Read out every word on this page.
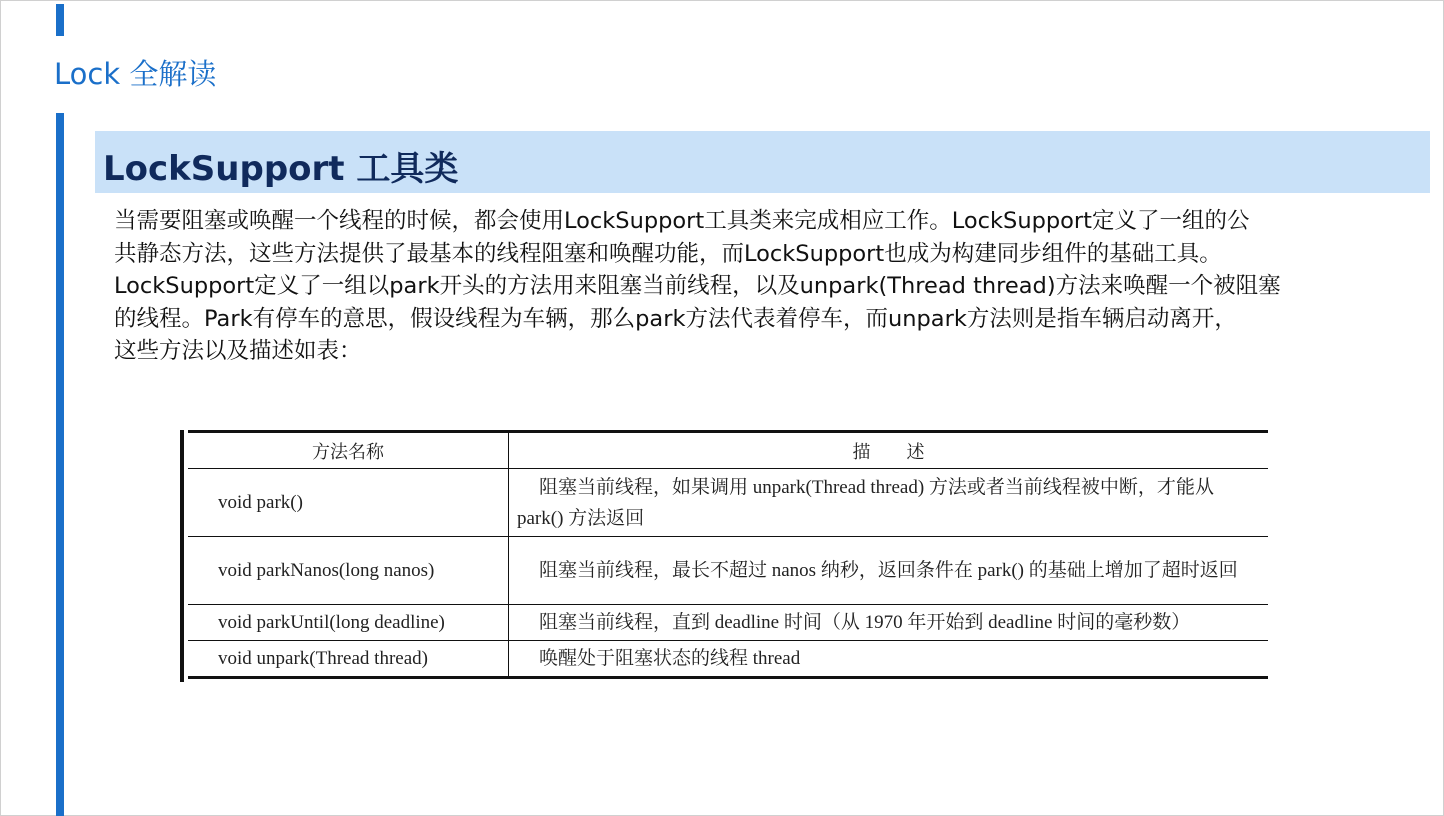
Lock 全解读
LockSupport 工具类
当需要阻塞或唤醒一个线程的时候，都会使用LockSupport工具类来完成相应工作。LockSupport定义了一组的公
共静态方法，这些方法提供了最基本的线程阻塞和唤醒功能，而LockSupport也成为构建同步组件的基础工具。
LockSupport定义了一组以park开头的方法用来阻塞当前线程，以及unpark(Thread thread)方法来唤醒一个被阻塞
的线程。Park有停车的意思，假设线程为车辆，那么park方法代表着停车，而unpark方法则是指车辆启动离开，
这些方法以及描述如表：
方法名称	描　　述
void park()	阻塞当前线程，如果调用 unpark(Thread thread) 方法或者当前线程被中断，才能从 park() 方法返回

void parkNanos(long nanos)	阻塞当前线程，最长不超过 nanos 纳秒，返回条件在 park() 的基础上增加了超时返回

void parkUntil(long deadline)	阻塞当前线程，直到 deadline 时间（从 1970 年开始到 deadline 时间的毫秒数）

void unpark(Thread thread)	唤醒处于阻塞状态的线程 thread
